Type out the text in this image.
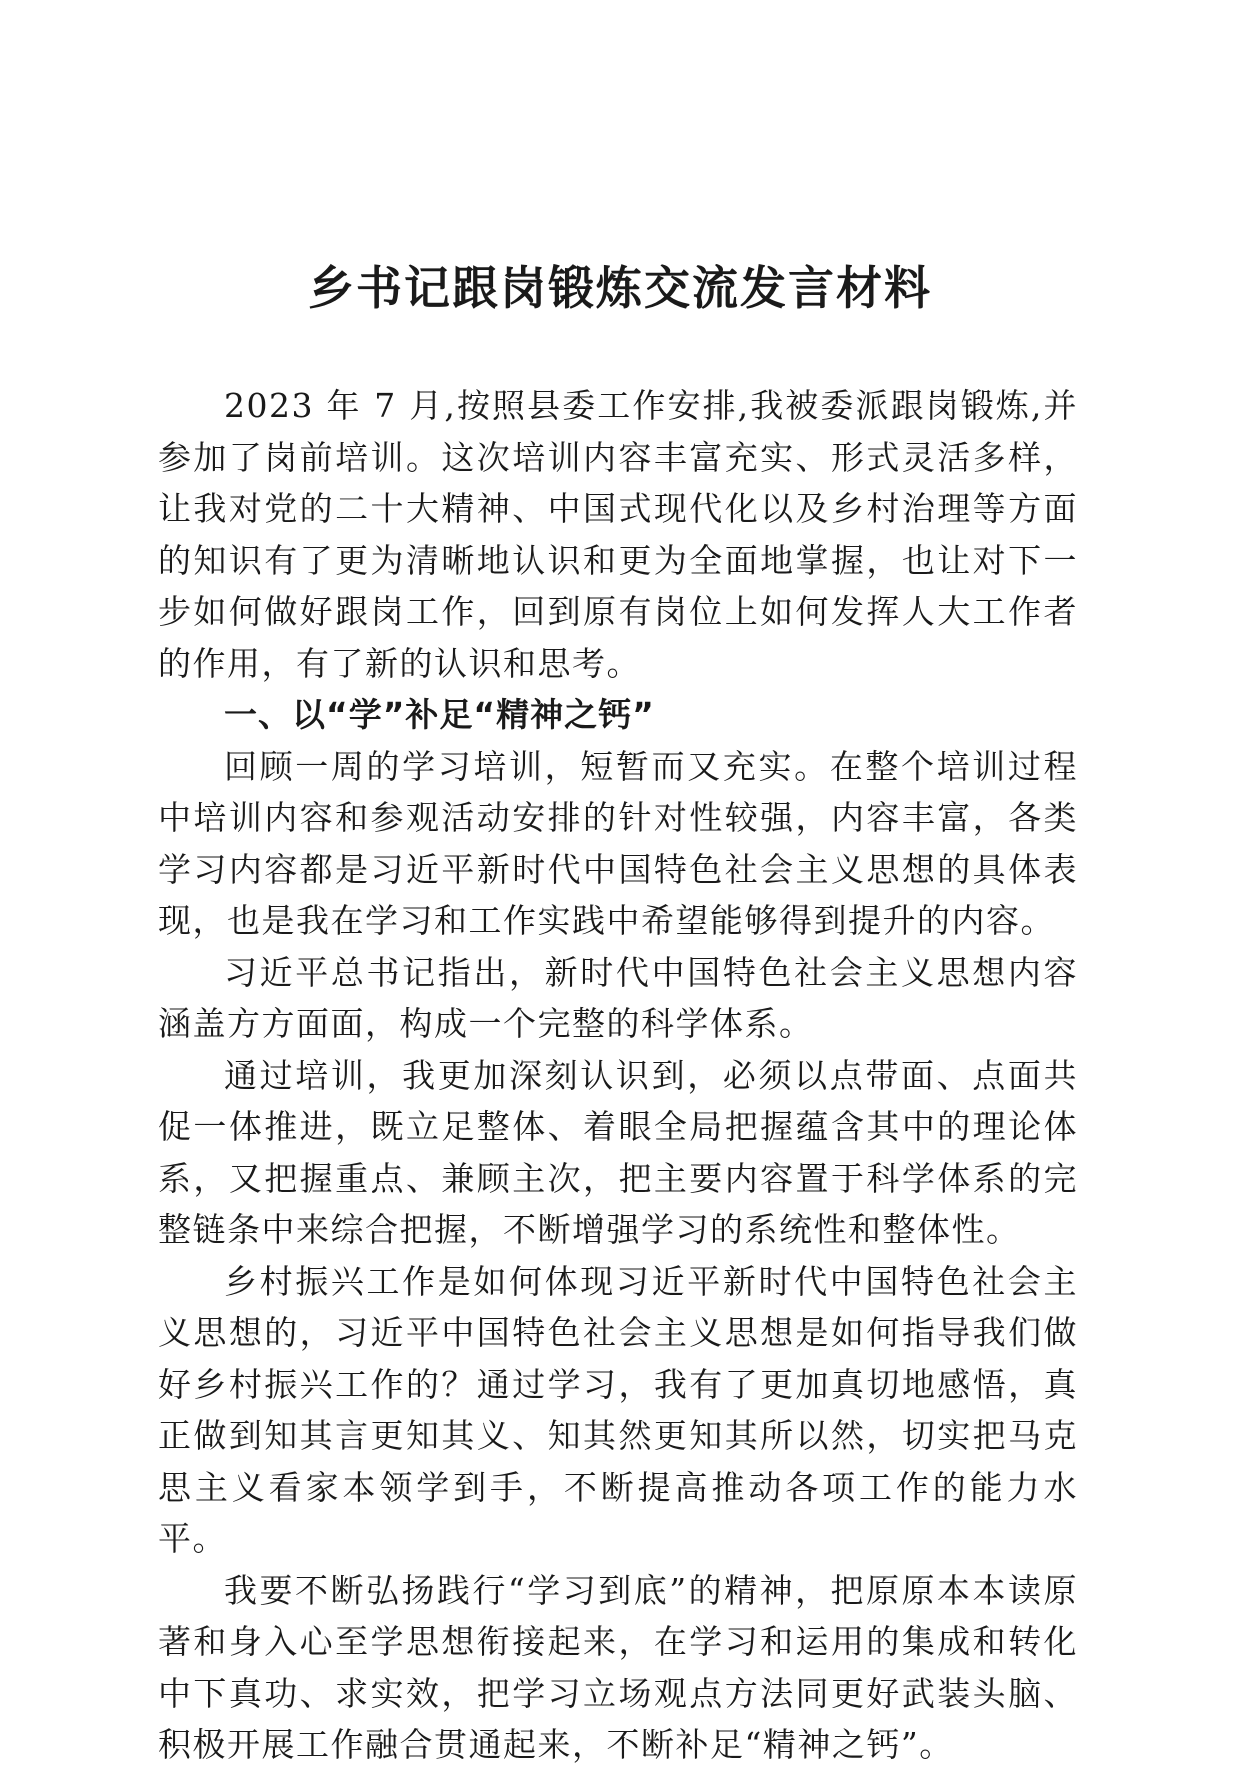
乡书记跟岗锻炼交流发言材料

2023 年 7 月,按照县委工作安排,我被委派跟岗锻炼,并参加了岗前培训。这次培训内容丰富充实、形式灵活多样，让我对党的二十大精神、中国式现代化以及乡村治理等方面的知识有了更为清晰地认识和更为全面地掌握，也让对下一步如何做好跟岗工作，回到原有岗位上如何发挥人大工作者的作用，有了新的认识和思考。

一、以“学”补足“精神之钙”

回顾一周的学习培训，短暂而又充实。在整个培训过程中培训内容和参观活动安排的针对性较强，内容丰富，各类学习内容都是习近平新时代中国特色社会主义思想的具体表现，也是我在学习和工作实践中希望能够得到提升的内容。

习近平总书记指出，新时代中国特色社会主义思想内容涵盖方方面面，构成一个完整的科学体系。

通过培训，我更加深刻认识到，必须以点带面、点面共促一体推进，既立足整体、着眼全局把握蕴含其中的理论体系，又把握重点、兼顾主次，把主要内容置于科学体系的完整链条中来综合把握，不断增强学习的系统性和整体性。

乡村振兴工作是如何体现习近平新时代中国特色社会主义思想的，习近平中国特色社会主义思想是如何指导我们做好乡村振兴工作的？通过学习，我有了更加真切地感悟，真正做到知其言更知其义、知其然更知其所以然，切实把马克思主义看家本领学到手，不断提高推动各项工作的能力水平。

我要不断弘扬践行“学习到底”的精神，把原原本本读原著和身入心至学思想衔接起来，在学习和运用的集成和转化中下真功、求实效，把学习立场观点方法同更好武装头脑、积极开展工作融合贯通起来，不断补足“精神之钙”。
